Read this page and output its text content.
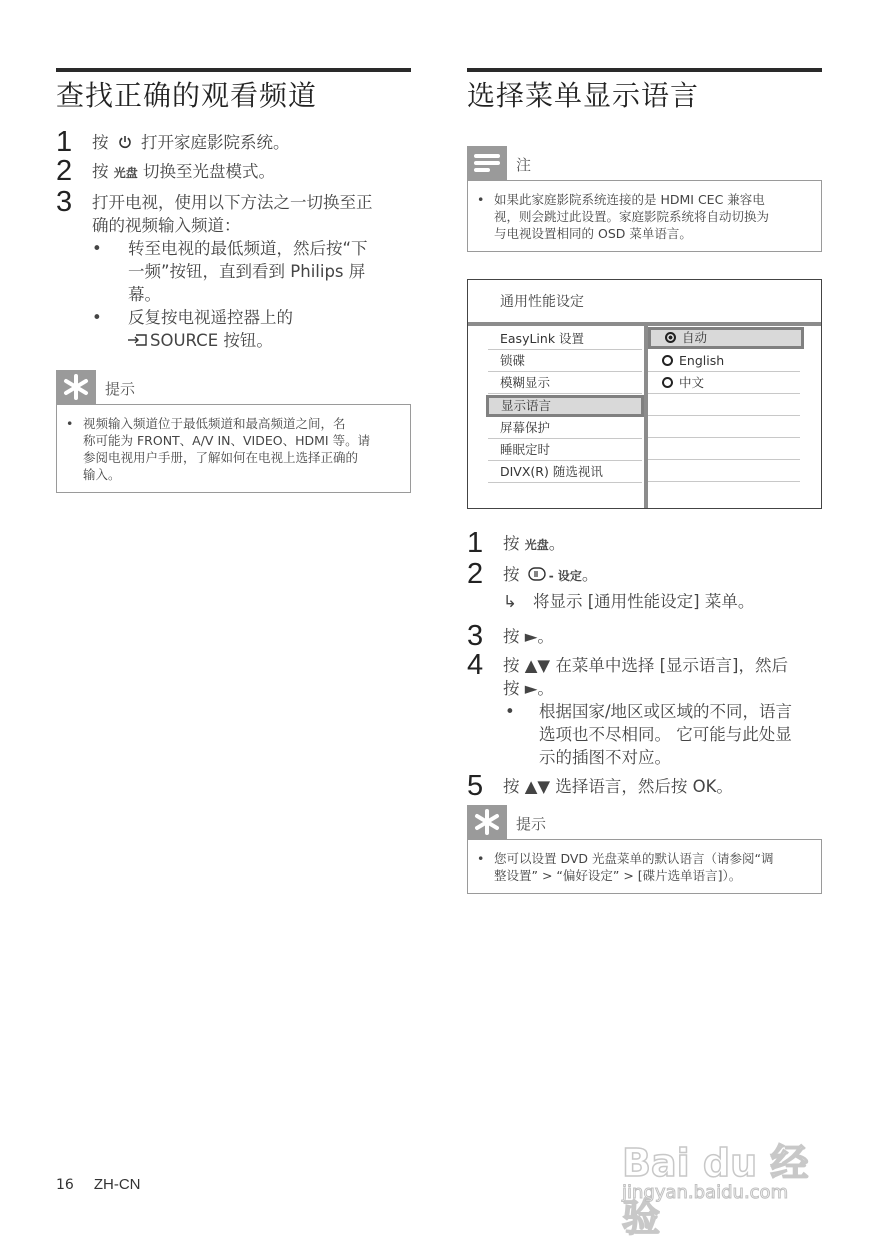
查找正确的观看频道
1 按 打开家庭影院系统。
2 按 光盘 切换至光盘模式。
3 打开电视，使用以下方法之一切换至正
确的视频输入频道：
• 转至电视的最低频道，然后按“下
一频”按钮，直到看到 Philips 屏
幕。
• 反复按电视遥控器上的
SOURCE 按钮。
提示
• 视频输入频道位于最低频道和最高频道之间，名
称可能为 FRONT、A/V IN、VIDEO、HDMI 等。请
参阅电视用户手册，了解如何在电视上选择正确的
输入。
选择菜单显示语言
注
• 如果此家庭影院系统连接的是 HDMI CEC 兼容电
视，则会跳过此设置。家庭影院系统将自动切换为
与电视设置相同的 OSD 菜单语言。
通用性能设定
EasyLink 设置
锁碟
模糊显示
显示语言
屏幕保护
睡眠定时
DIVX(R) 随选视讯
自动
English
中文
1 按 光盘。
2 按 - 设定。
↳ 将显示 [通用性能设定] 菜单。
3 按 ►。
4 按 ▲▼ 在菜单中选择 [显示语言]，然后
按 ►。
• 根据国家/地区或区域的不同，语言
选项也不尽相同。 它可能与此处显
示的插图不对应。
5 按 ▲▼ 选择语言，然后按 OK。
提示
• 您可以设置 DVD 光盘菜单的默认语言（请参阅“调
整设置” > “偏好设定” > [碟片选单语言]）。
16 ZH-CN	Bai du 经验
jingyan.baidu.com
